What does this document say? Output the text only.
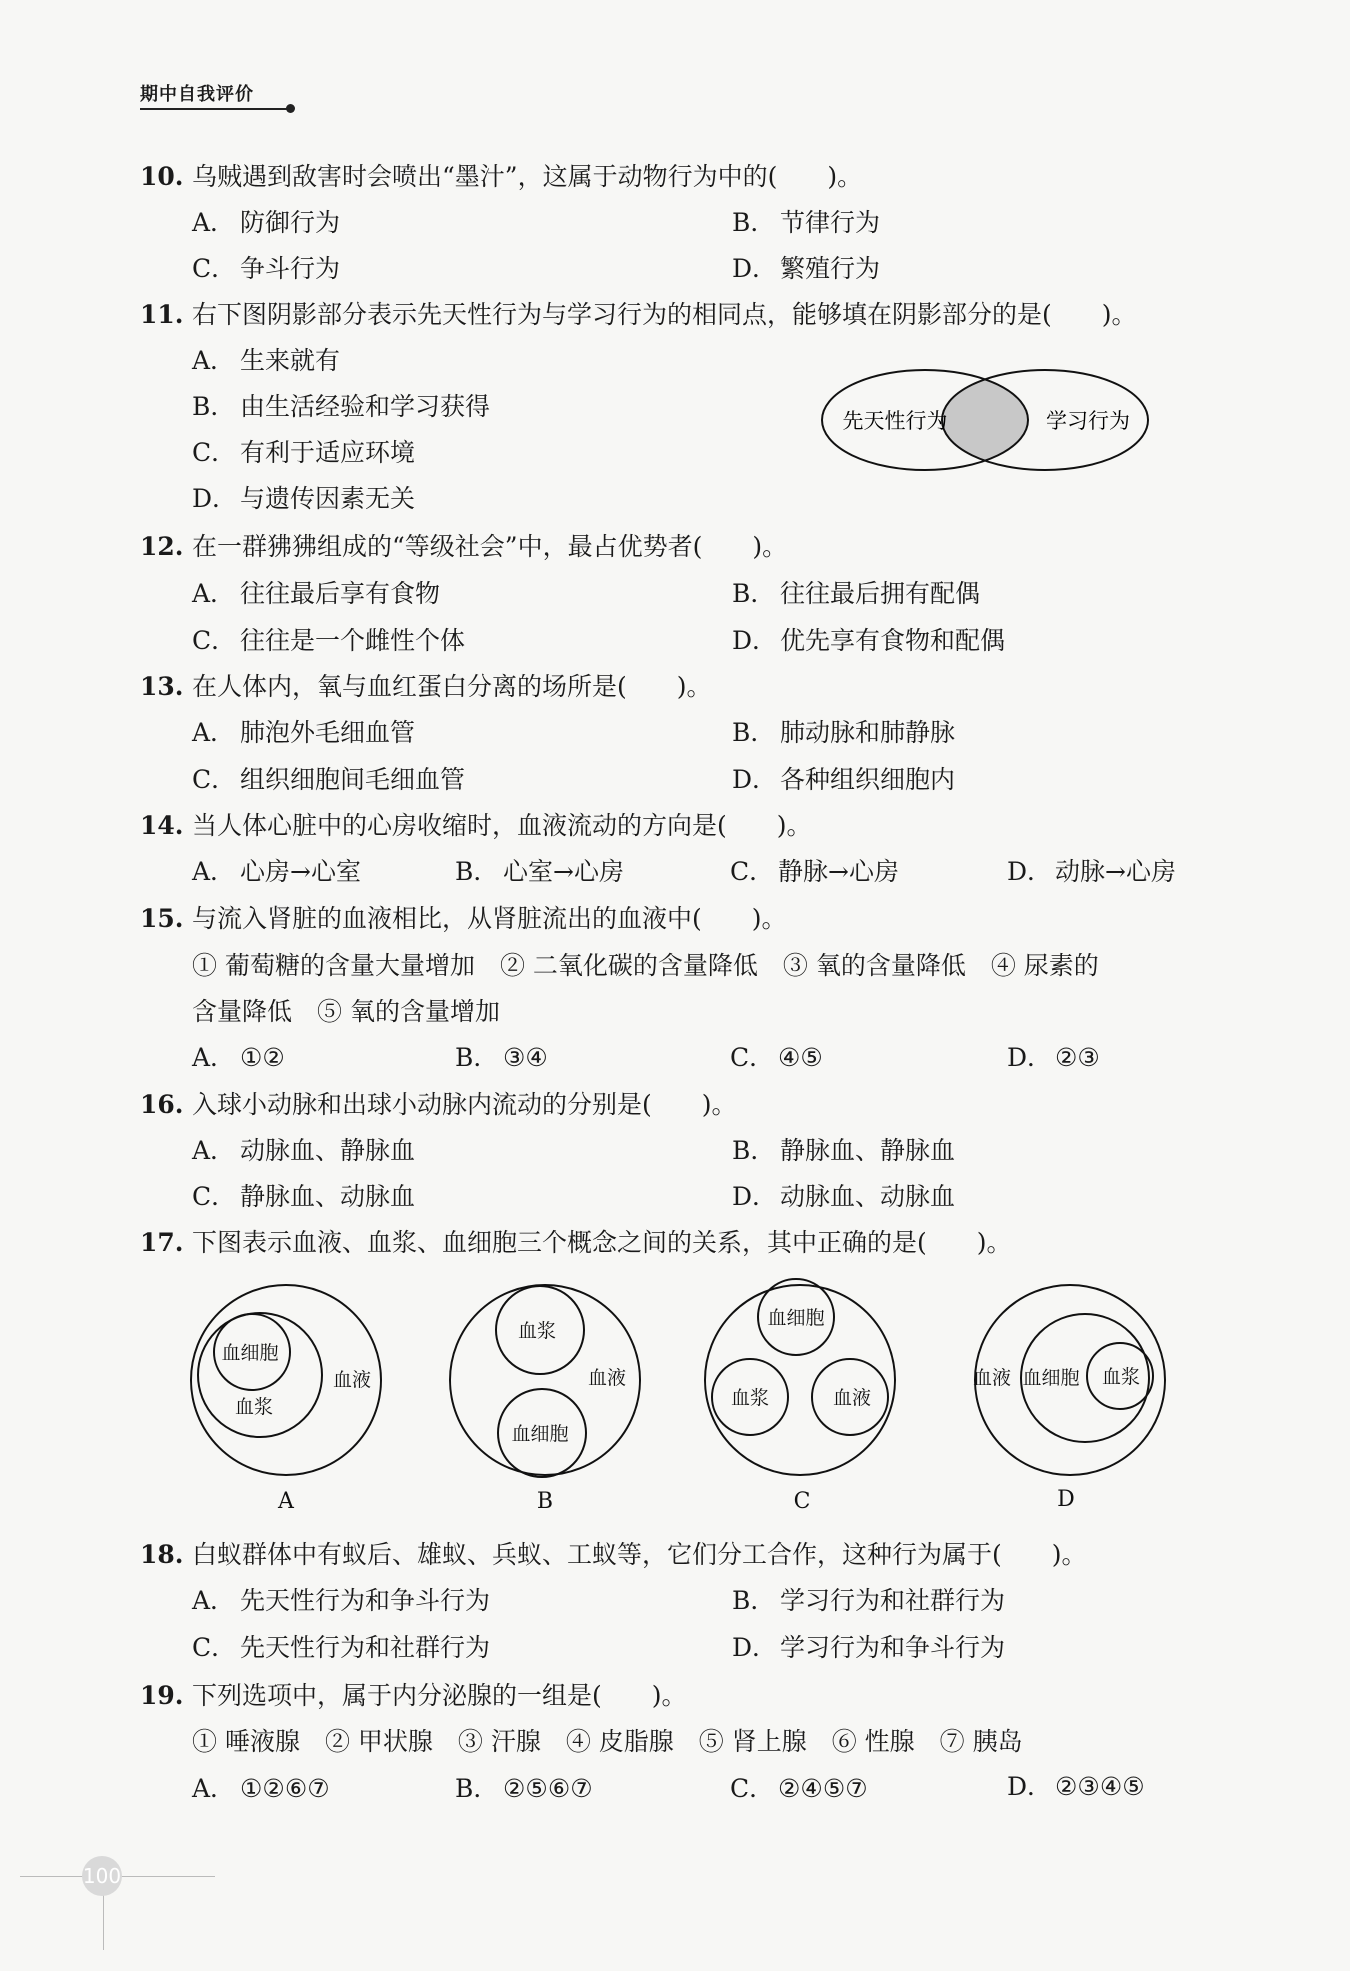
期中自我评价
10. 乌贼遇到敌害时会喷出“墨汁”，这属于动物行为中的(　　)。
A． 防御行为	B． 节律行为
C． 争斗行为	D． 繁殖行为
11. 右下图阴影部分表示先天性行为与学习行为的相同点，能够填在阴影部分的是(　　)。
A． 生来就有
B． 由生活经验和学习获得
C． 有利于适应环境
D． 与遗传因素无关
先天性行为	学习行为
12. 在一群狒狒组成的“等级社会”中，最占优势者(　　)。
A． 往往最后享有食物	B． 往往最后拥有配偶
C． 往往是一个雌性个体	D． 优先享有食物和配偶
13. 在人体内，氧与血红蛋白分离的场所是(　　)。
A． 肺泡外毛细血管	B． 肺动脉和肺静脉
C． 组织细胞间毛细血管	D． 各种组织细胞内
14. 当人体心脏中的心房收缩时，血液流动的方向是(　　)。
A． 心房→心室	B． 心室→心房	C． 静脉→心房	D． 动脉→心房
15. 与流入肾脏的血液相比，从肾脏流出的血液中(　　)。
① 葡萄糖的含量大量增加　② 二氧化碳的含量降低　③ 氧的含量降低　④ 尿素的
含量降低　⑤ 氧的含量增加
A． ①②	B． ③④	C． ④⑤	D． ②③
16. 入球小动脉和出球小动脉内流动的分别是(　　)。
A． 动脉血、静脉血	B． 静脉血、静脉血
C． 静脉血、动脉血	D． 动脉血、动脉血
17. 下图表示血液、血浆、血细胞三个概念之间的关系，其中正确的是(　　)。
血细胞
血浆
血液
血浆
血细胞
血液
血细胞
血浆	血液
血液 血细胞 血浆
A	B	C	D
18. 白蚁群体中有蚁后、雄蚁、兵蚁、工蚁等，它们分工合作，这种行为属于(　　)。
A． 先天性行为和争斗行为	B． 学习行为和社群行为
C． 先天性行为和社群行为	D． 学习行为和争斗行为
19. 下列选项中，属于内分泌腺的一组是(　　)。
① 唾液腺　② 甲状腺　③ 汗腺　④ 皮脂腺　⑤ 肾上腺　⑥ 性腺　⑦ 胰岛
A． ①②⑥⑦	B． ②⑤⑥⑦	C． ②④⑤⑦	D． ②③④⑤
100
